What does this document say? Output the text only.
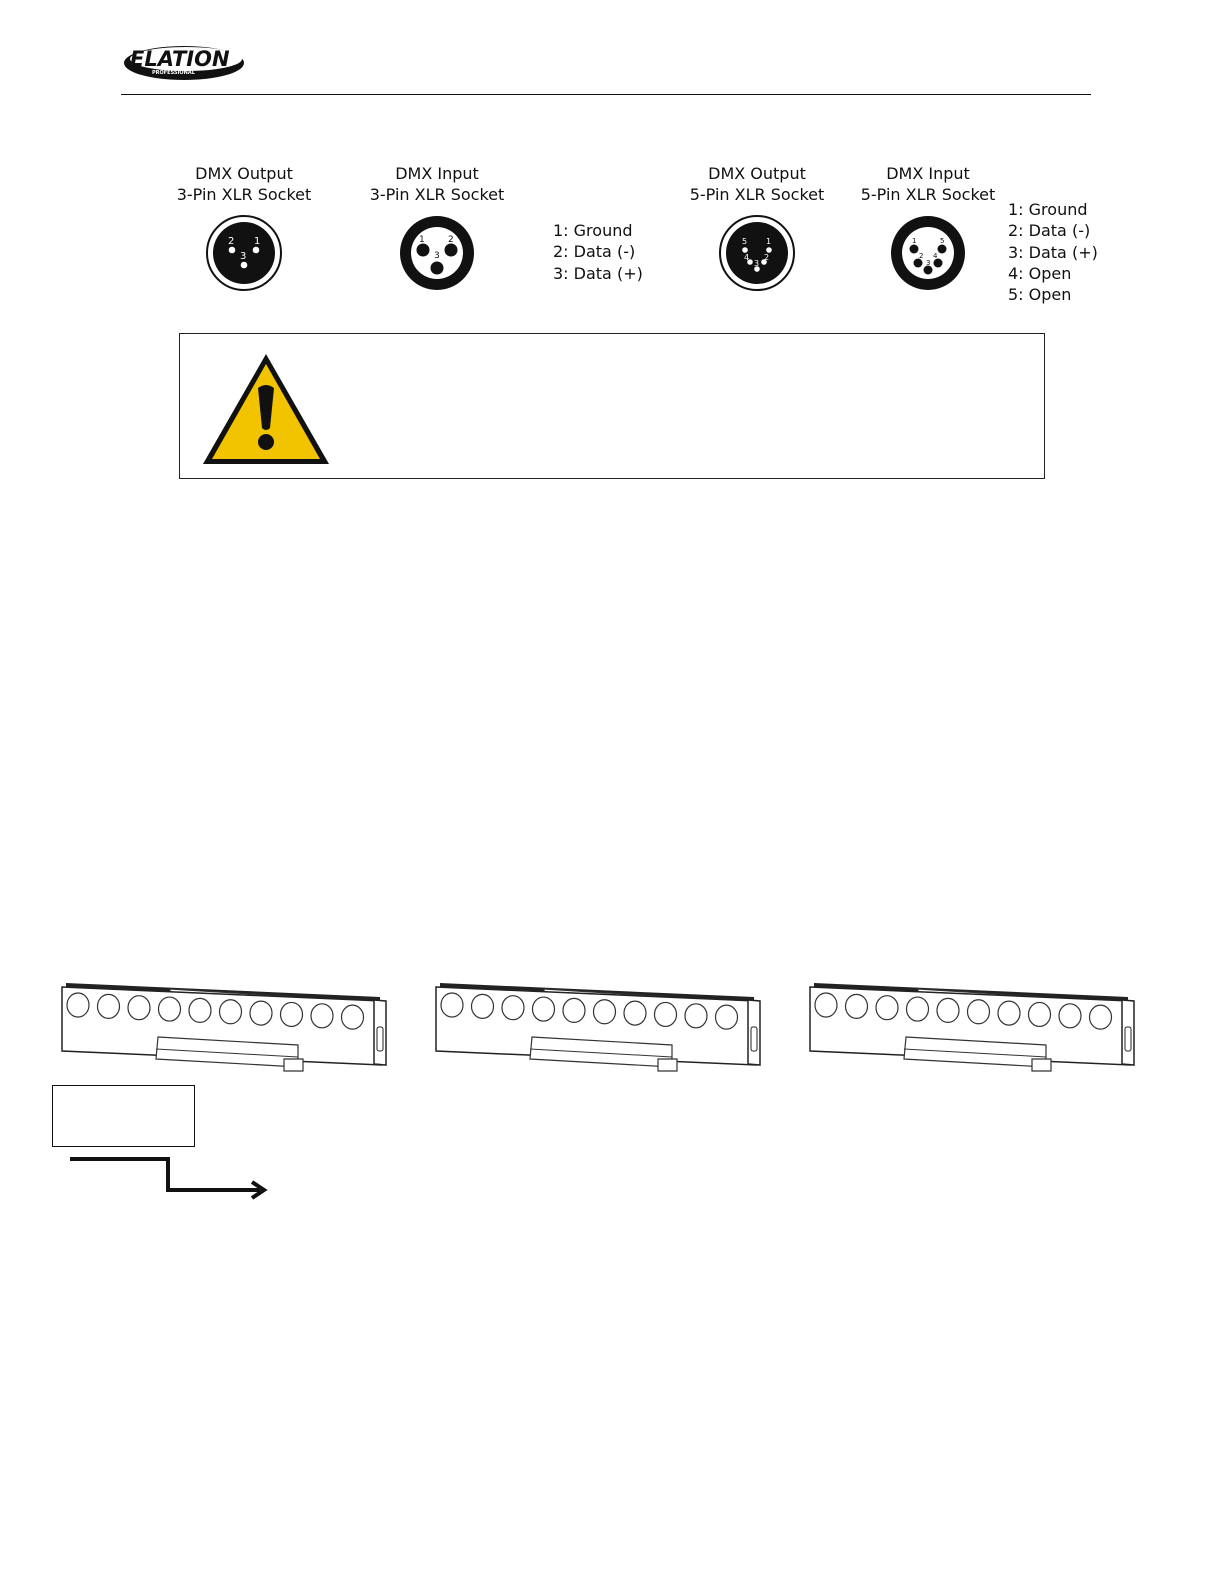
ELATION
PROFESSIONAL
DMX Output
3-Pin XLR Socket
DMX Input
3-Pin XLR Socket
DMX Output
5-Pin XLR Socket
DMX Input
5-Pin XLR Socket
2 1
3
1	2
3
1: Ground
2: Data (-)
3: Data (+)
5 1
4 2
3
1	5
2 4
3
1: Ground
2: Data (-)
3: Data (+)
4: Open
5: Open
